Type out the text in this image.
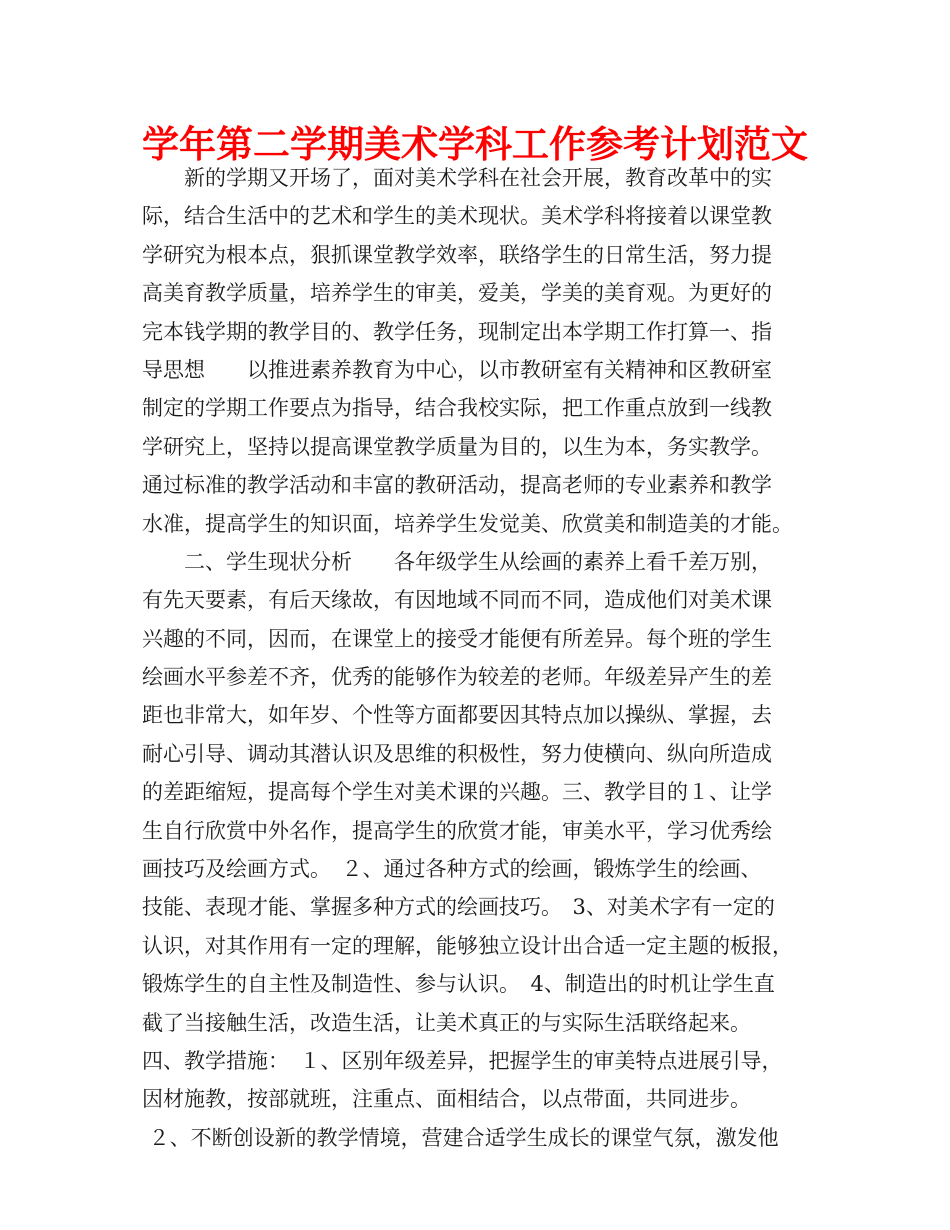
学年第二学期美术学科工作参考计划范文
　　新的学期又开场了，面对美术学科在社会开展，教育改革中的实
际，结合生活中的艺术和学生的美术现状。美术学科将接着以课堂教
学研究为根本点，狠抓课堂教学效率，联络学生的日常生活，努力提
高美育教学质量，培养学生的审美，爱美，学美的美育观。为更好的
完本钱学期的教学目的、教学任务，现制定出本学期工作打算一、指
导思想　　以推进素养教育为中心，以市教研室有关精神和区教研室
制定的学期工作要点为指导，结合我校实际，把工作重点放到一线教
学研究上，坚持以提高课堂教学质量为目的，以生为本，务实教学。
通过标准的教学活动和丰富的教研活动，提高老师的专业素养和教学
水准，提高学生的知识面，培养学生发觉美、欣赏美和制造美的才能。
　　二、学生现状分析　　各年级学生从绘画的素养上看千差万别，
有先天要素，有后天缘故，有因地域不同而不同，造成他们对美术课
兴趣的不同，因而，在课堂上的接受才能便有所差异。每个班的学生
绘画水平参差不齐，优秀的能够作为较差的老师。年级差异产生的差
距也非常大，如年岁、个性等方面都要因其特点加以操纵、掌握，去
耐心引导、调动其潜认识及思维的积极性，努力使横向、纵向所造成
的差距缩短，提高每个学生对美术课的兴趣。三、教学目的１、让学
生自行欣赏中外名作，提高学生的欣赏才能，审美水平，学习优秀绘
画技巧及绘画方式。　２、通过各种方式的绘画，锻炼学生的绘画、
技能、表现才能、掌握多种方式的绘画技巧。　3、对美术字有一定的
认识，对其作用有一定的理解，能够独立设计出合适一定主题的板报，
锻炼学生的自主性及制造性、参与认识。　4、制造出的时机让学生直
截了当接触生活，改造生活，让美术真正的与实际生活联络起来。
四、教学措施：　１、区别年级差异，把握学生的审美特点进展引导，
因材施教，按部就班，注重点、面相结合，以点带面，共同进步。
２、不断创设新的教学情境，营建合适学生成长的课堂气氛，激发他
